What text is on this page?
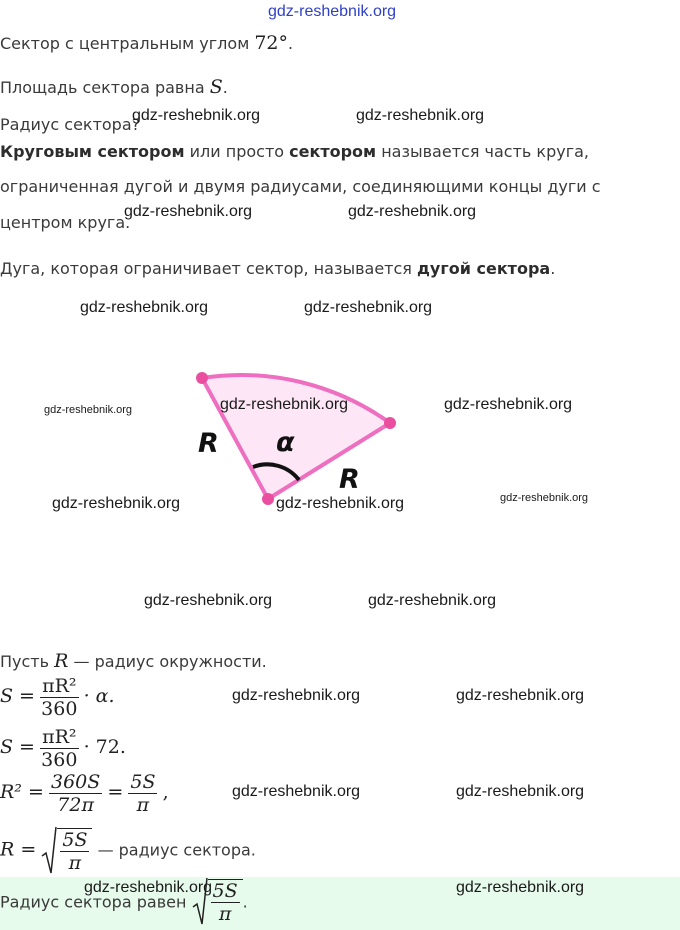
gdz-reshebnik.org
Сектор с центральным углом 72°.
Площадь сектора равна S.
Радиус сектора?
Круговым сектором или просто сектором называется часть круга,
ограниченная дугой и двумя радиусами, соединяющими концы дуги с
центром круга.
Дуга, которая ограничивает сектор, называется дугой сектора.
R
R
α
Пусть R — радиус окружности.
$S = \frac{\text{πR²}}{360} \cdot \alpha$.
$S = \frac{\text{πR²}}{360} \cdot 72$.
$R^2 = \frac{360S}{72\pi} = \frac{5S}{\pi}$ ,
$R = \frac{5S}{\pi}$ — радиус сектора.
Радиус сектора равен $\frac{5S}{\pi}$ .
gdz-reshebnik.org	gdz-reshebnik.org
gdz-reshebnik.org	gdz-reshebnik.org
gdz-reshebnik.org	gdz-reshebnik.org
gdz-reshebnik.org	gdz-reshebnik.org	gdz-reshebnik.org
gdz-reshebnik.org	gdz-reshebnik.org	gdz-reshebnik.org
gdz-reshebnik.org	gdz-reshebnik.org
gdz-reshebnik.org	gdz-reshebnik.org
gdz-reshebnik.org	gdz-reshebnik.org
gdz-reshebnik.org	gdz-reshebnik.org
